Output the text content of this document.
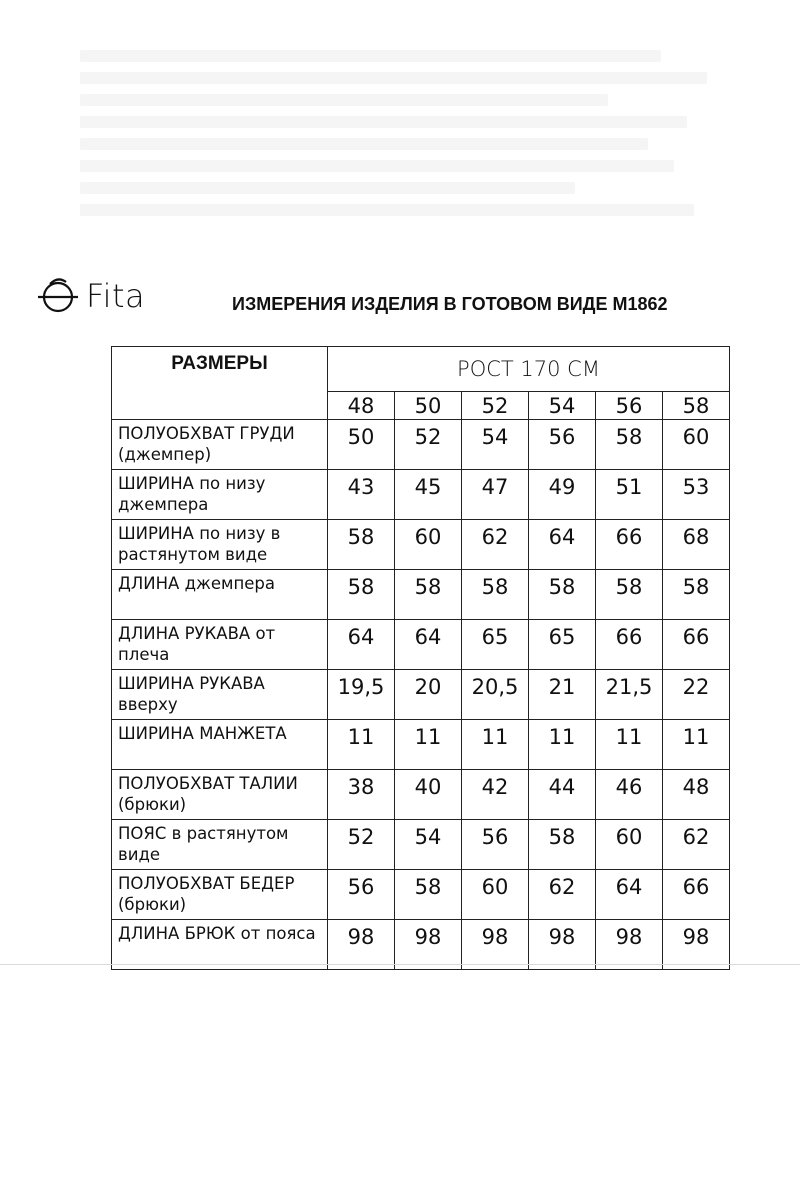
Fita	ИЗМЕРЕНИЯ ИЗДЕЛИЯ В ГОТОВОМ ВИДЕ М1862
РАЗМЕРЫ	РОСТ 170 СМ					
	48	50	52	54	56	58
ПОЛУОБХВАТ ГРУДИ (джемпер)	50	52	54	56	58	60
ШИРИНА по низу джемпера	43	45	47	49	51	53
ШИРИНА по низу в растянутом виде	58	60	62	64	66	68
ДЛИНА джемпера	58	58	58	58	58	58
ДЛИНА РУКАВА от плеча	64	64	65	65	66	66
ШИРИНА РУКАВА вверху	19,5	20	20,5	21	21,5	22
ШИРИНА МАНЖЕТА	11	11	11	11	11	11
ПОЛУОБХВАТ ТАЛИИ (брюки)	38	40	42	44	46	48
ПОЯС в растянутом виде	52	54	56	58	60	62
ПОЛУОБХВАТ БЕДЕР (брюки)	56	58	60	62	64	66
ДЛИНА БРЮК от пояса	98	98	98	98	98	98
